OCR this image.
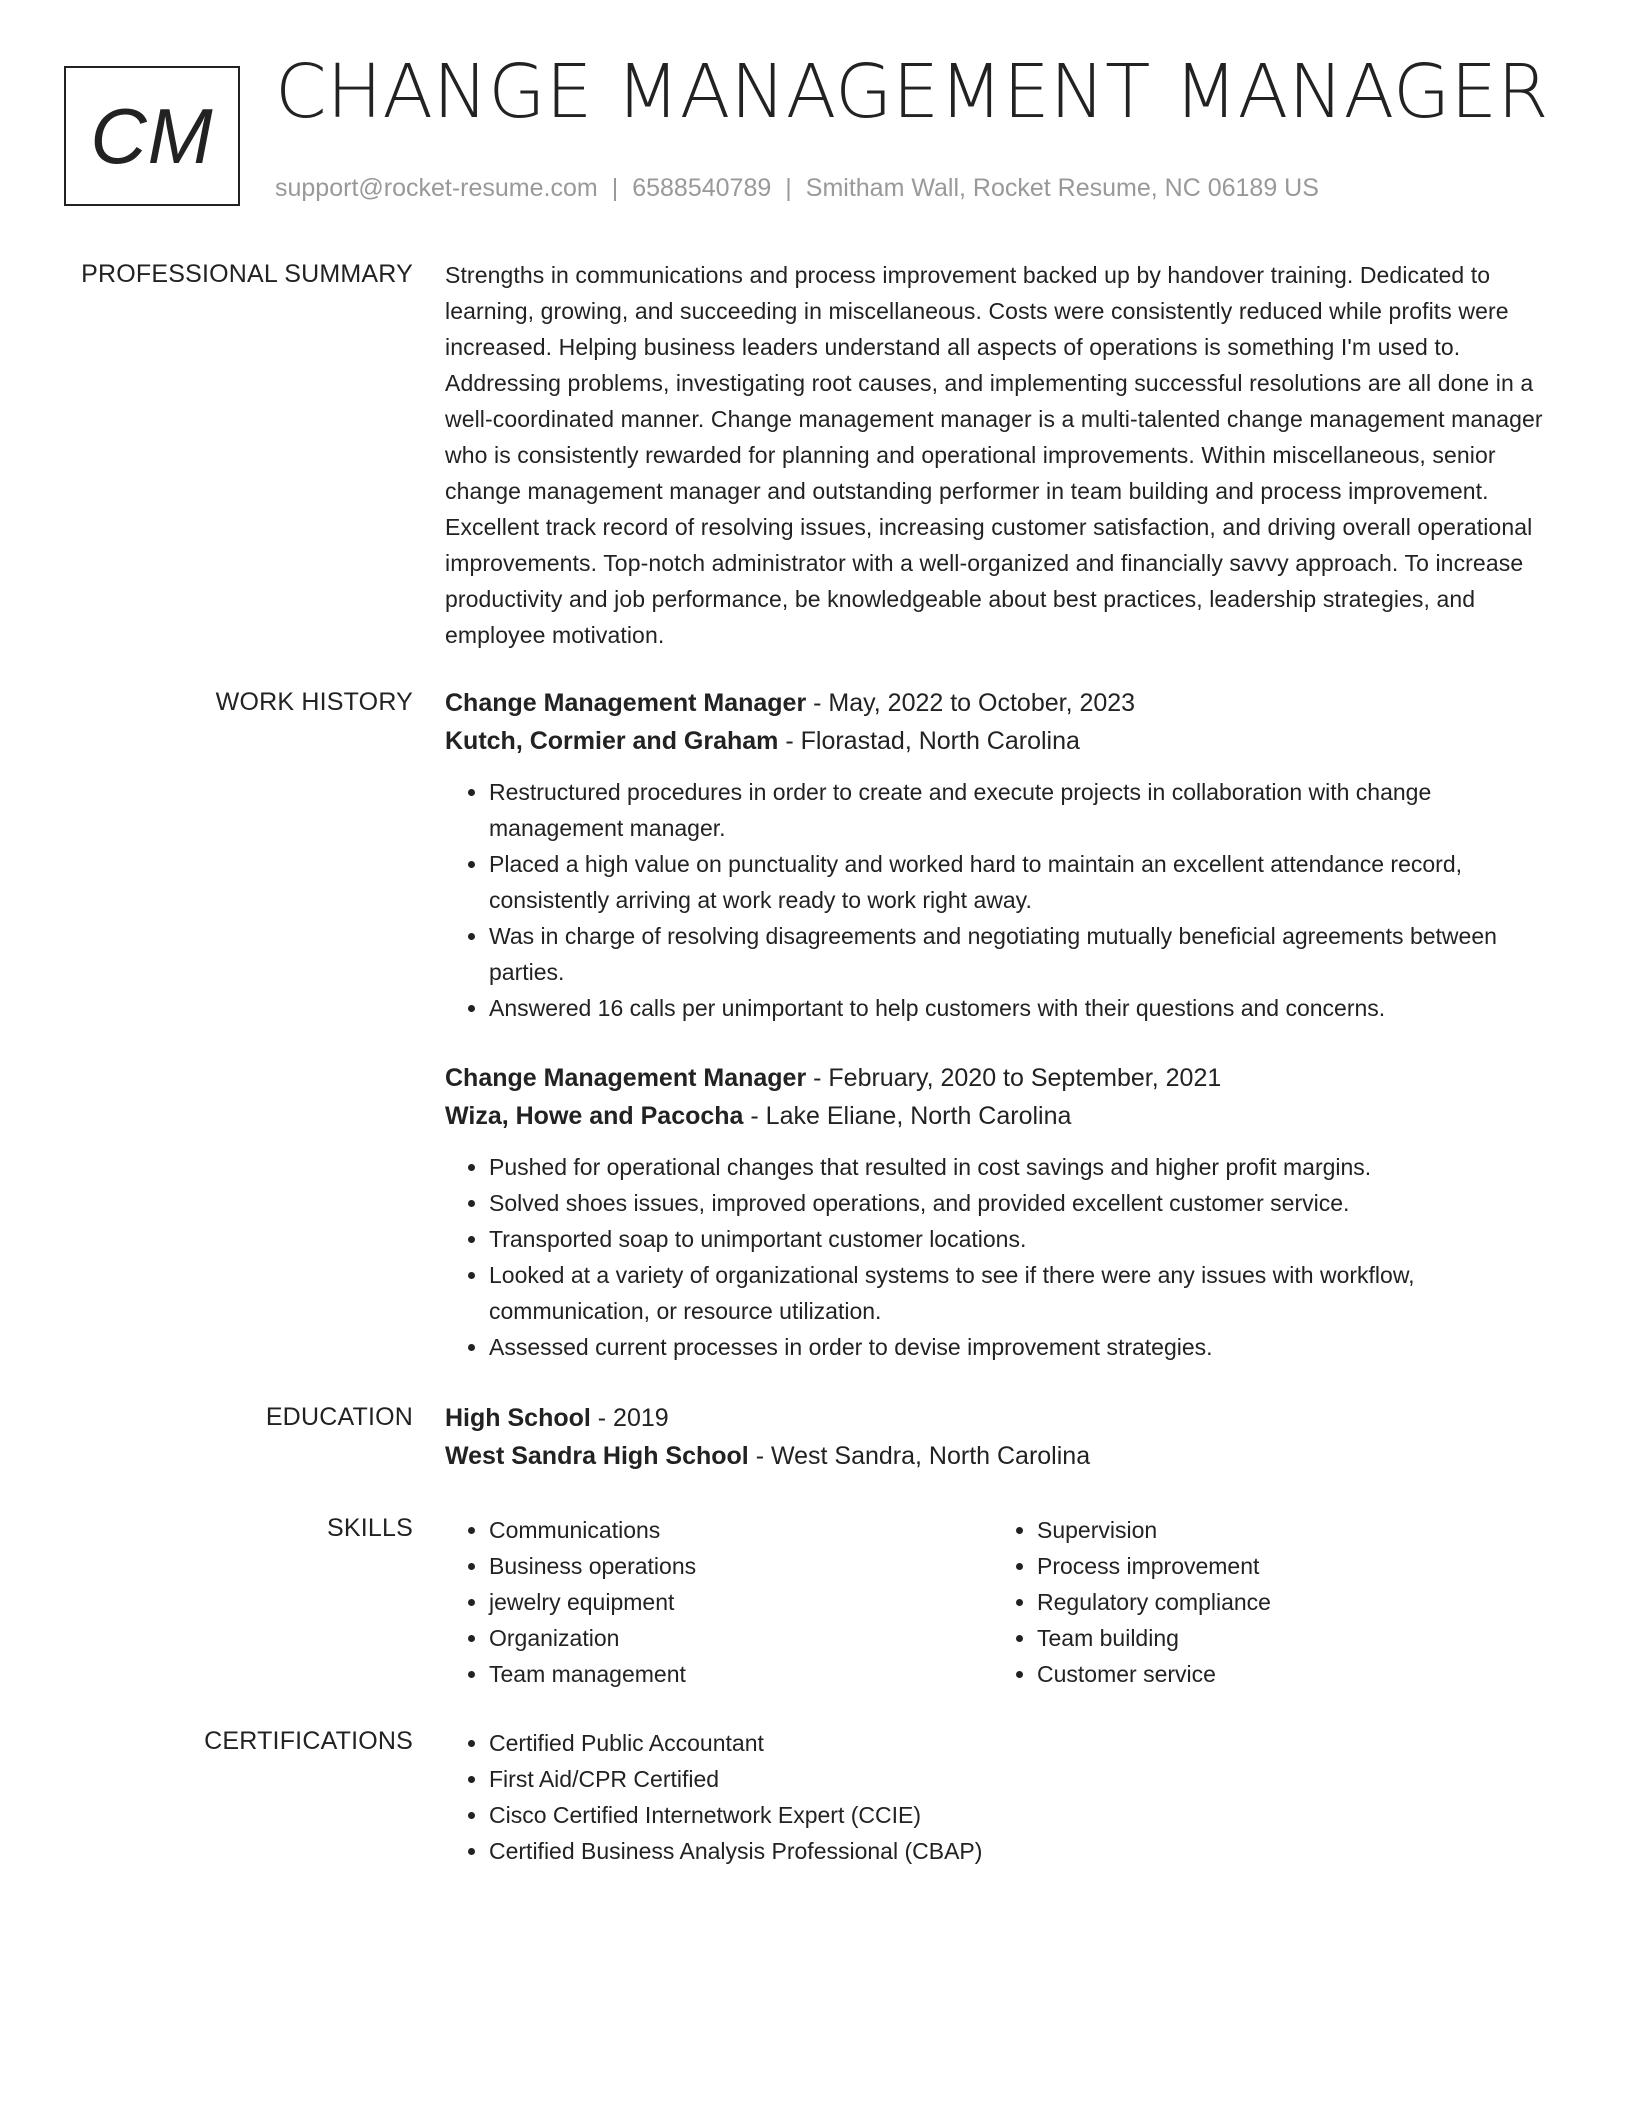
CM CHANGE MANAGEMENT MANAGER
support@rocket-resume.com | 6588540789 | Smitham Wall, Rocket Resume, NC 06189 US
PROFESSIONAL SUMMARY Strengths in communications and process improvement backed up by handover training. Dedicated to learning, growing, and succeeding in miscellaneous. Costs were consistently reduced while profits were increased. Helping business leaders understand all aspects of operations is something I'm used to. Addressing problems, investigating root causes, and implementing successful resolutions are all done in a well-coordinated manner. Change management manager is a multi-talented change management manager who is consistently rewarded for planning and operational improvements. Within miscellaneous, senior change management manager and outstanding performer in team building and process improvement. Excellent track record of resolving issues, increasing customer satisfaction, and driving overall operational improvements. Top-notch administrator with a well-organized and financially savvy approach. To increase productivity and job performance, be knowledgeable about best practices, leadership strategies, and employee motivation.

WORK HISTORY Change Management Manager - May, 2022 to October, 2023
Kutch, Cormier and Graham - Florastad, North Carolina
• Restructured procedures in order to create and execute projects in collaboration with change management manager.
• Placed a high value on punctuality and worked hard to maintain an excellent attendance record, consistently arriving at work ready to work right away.
• Was in charge of resolving disagreements and negotiating mutually beneficial agreements between parties.
• Answered 16 calls per unimportant to help customers with their questions and concerns.
Change Management Manager - February, 2020 to September, 2021
Wiza, Howe and Pacocha - Lake Eliane, North Carolina
• Pushed for operational changes that resulted in cost savings and higher profit margins.
• Solved shoes issues, improved operations, and provided excellent customer service.
• Transported soap to unimportant customer locations.
• Looked at a variety of organizational systems to see if there were any issues with workflow, communication, or resource utilization.
• Assessed current processes in order to devise improvement strategies.
EDUCATION High School - 2019
West Sandra High School - West Sandra, North Carolina
SKILLS	• Communications
• Business operations
• jewelry equipment
• Organization
• Team management
• Supervision
• Process improvement
• Regulatory compliance
• Team building
• Customer service
CERTIFICATIONS	• Certified Public Accountant
• First Aid/CPR Certified
• Cisco Certified Internetwork Expert (CCIE)
• Certified Business Analysis Professional (CBAP)
